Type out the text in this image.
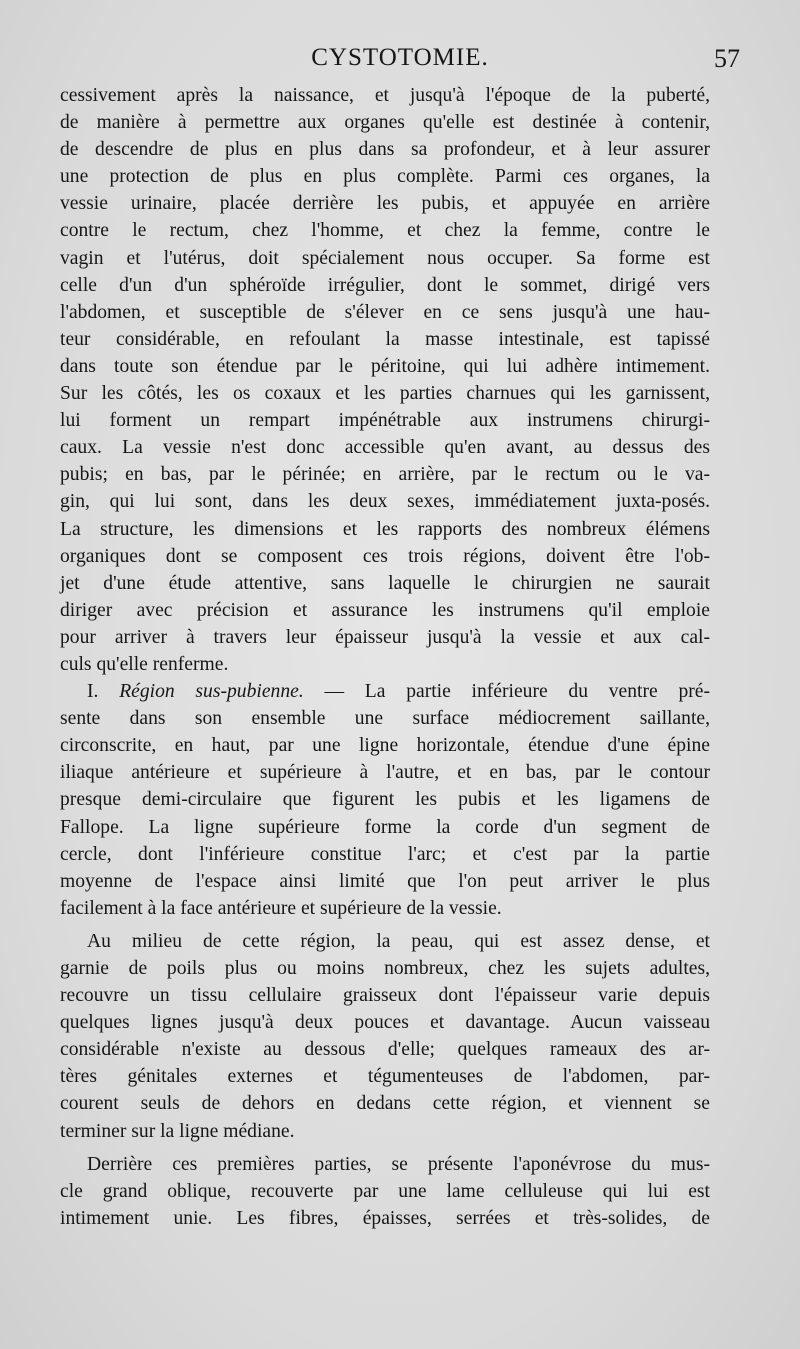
CYSTOTOMIE.	57
cessivement après la naissance, et jusqu'à l'époque de la puberté,
de manière à permettre aux organes qu'elle est destinée à contenir,
de descendre de plus en plus dans sa profondeur, et à leur assurer
une protection de plus en plus complète. Parmi ces organes, la
vessie urinaire, placée derrière les pubis, et appuyée en arrière
contre le rectum, chez l'homme, et chez la femme, contre le
vagin et l'utérus, doit spécialement nous occuper. Sa forme est
celle d'un d'un sphéroïde irrégulier, dont le sommet, dirigé vers
l'abdomen, et susceptible de s'élever en ce sens jusqu'à une hau-
teur considérable, en refoulant la masse intestinale, est tapissé
dans toute son étendue par le péritoine, qui lui adhère intimement.
Sur les côtés, les os coxaux et les parties charnues qui les garnissent,
lui forment un rempart impénétrable aux instrumens chirurgi-
caux. La vessie n'est donc accessible qu'en avant, au dessus des
pubis; en bas, par le périnée; en arrière, par le rectum ou le va-
gin, qui lui sont, dans les deux sexes, immédiatement juxta-posés.
La structure, les dimensions et les rapports des nombreux élémens
organiques dont se composent ces trois régions, doivent être l'ob-
jet d'une étude attentive, sans laquelle le chirurgien ne saurait
diriger avec précision et assurance les instrumens qu'il emploie
pour arriver à travers leur épaisseur jusqu'à la vessie et aux cal-
culs qu'elle renferme.
I. Région sus-pubienne. — La partie inférieure du ventre pré-
sente dans son ensemble une surface médiocrement saillante,
circonscrite, en haut, par une ligne horizontale, étendue d'une épine
iliaque antérieure et supérieure à l'autre, et en bas, par le contour
presque demi-circulaire que figurent les pubis et les ligamens de
Fallope. La ligne supérieure forme la corde d'un segment de
cercle, dont l'inférieure constitue l'arc; et c'est par la partie
moyenne de l'espace ainsi limité que l'on peut arriver le plus
facilement à la face antérieure et supérieure de la vessie.
Au milieu de cette région, la peau, qui est assez dense, et
garnie de poils plus ou moins nombreux, chez les sujets adultes,
recouvre un tissu cellulaire graisseux dont l'épaisseur varie depuis
quelques lignes jusqu'à deux pouces et davantage. Aucun vaisseau
considérable n'existe au dessous d'elle; quelques rameaux des ar-
tères génitales externes et tégumenteuses de l'abdomen, par-
courent seuls de dehors en dedans cette région, et viennent se
terminer sur la ligne médiane.
Derrière ces premières parties, se présente l'aponévrose du mus-
cle grand oblique, recouverte par une lame celluleuse qui lui est
intimement unie. Les fibres, épaisses, serrées et très-solides, de
